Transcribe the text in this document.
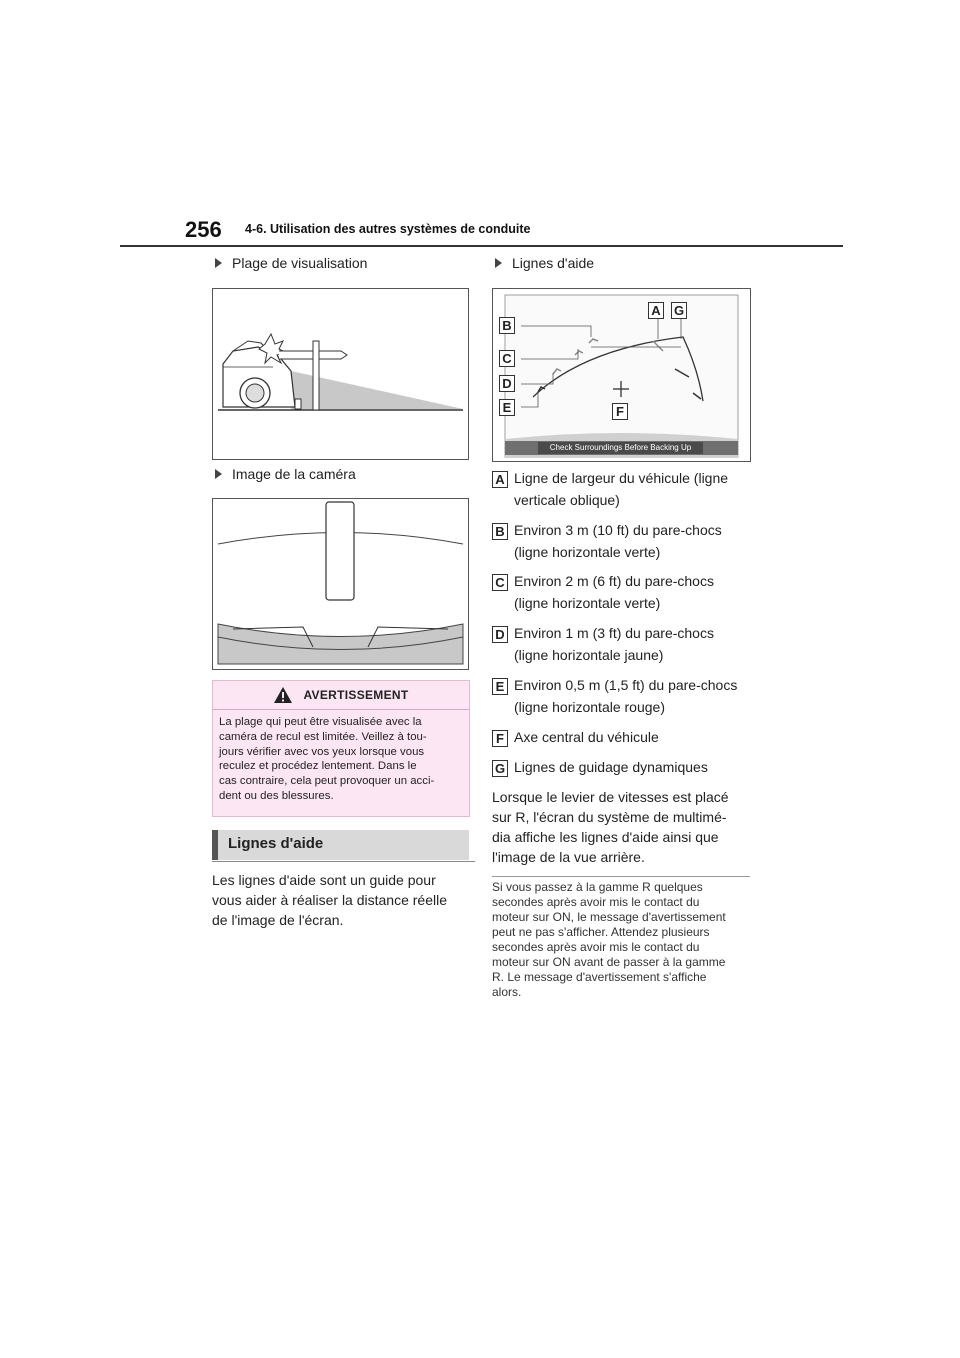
256 4-6. Utilisation des autres systèmes de conduite
Plage de visualisation
Image de la caméra
AVERTISSEMENT
La plage qui peut être visualisée avec la
caméra de recul est limitée. Veillez à tou-
jours vérifier avec vos yeux lorsque vous
reculez et procédez lentement. Dans le
cas contraire, cela peut provoquer un acci-
dent ou des blessures.
Lignes d'aide
Les lignes d'aide sont un guide pour
vous aider à réaliser la distance réelle
de l'image de l'écran.
Lignes d'aide
B
C
D
E
A	G
F
Check Surroundings Before Backing Up
A Ligne de largeur du véhicule (ligne
verticale oblique)
B Environ 3 m (10 ft) du pare-chocs
(ligne horizontale verte)
C Environ 2 m (6 ft) du pare-chocs
(ligne horizontale verte)
D Environ 1 m (3 ft) du pare-chocs
(ligne horizontale jaune)
E Environ 0,5 m (1,5 ft) du pare-chocs
(ligne horizontale rouge)
F Axe central du véhicule
G Lignes de guidage dynamiques
Lorsque le levier de vitesses est placé
sur R, l'écran du système de multimé-
dia affiche les lignes d'aide ainsi que
l'image de la vue arrière.
Si vous passez à la gamme R quelques
secondes après avoir mis le contact du
moteur sur ON, le message d'avertissement
peut ne pas s'afficher. Attendez plusieurs
secondes après avoir mis le contact du
moteur sur ON avant de passer à la gamme
R. Le message d'avertissement s'affiche
alors.
